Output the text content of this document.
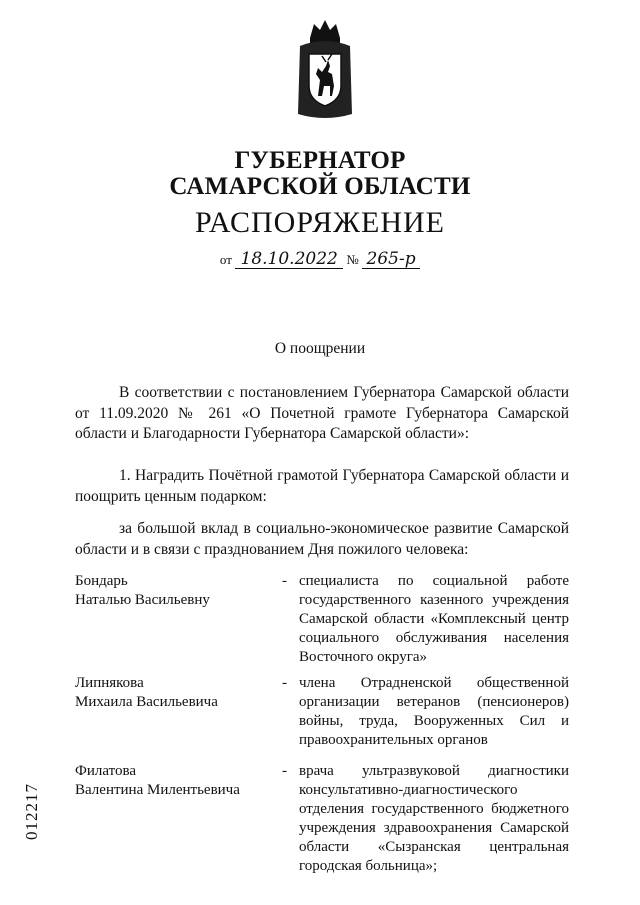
ГУБЕРНАТОР
САМАРСКОЙ ОБЛАСТИ
РАСПОРЯЖЕНИЕ
от 18.10.2022 № 265-р
О поощрении

В соответствии с постановлением Губернатора Самарской области от 11.09.2020 № 261 «О Почетной грамоте Губернатора Самарской области и Благодарности Губернатора Самарской области»:

1. Наградить Почётной грамотой Губернатора Самарской области и поощрить ценным подарком:

за большой вклад в социально-экономическое развитие Самарской области и в связи с празднованием Дня пожилого человека:

Бондарь
Наталью Васильевну
- специалиста по социальной работе государственного казенного учреждения Самарской области «Комплексный центр социального обслуживания населения Восточного округа»
Липнякова
Михаила Васильевича
- члена Отрадненской общественной организации ветеранов (пенсионеров) войны, труда, Вооруженных Сил и правоохранительных органов
Филатова
Валентина Милентьевича
- врача ультразвуковой диагностики консультативно-диагностического отделения государственного бюджетного учреждения здравоохранения Самарской области «Сызранская центральная городская больница»;
012217
